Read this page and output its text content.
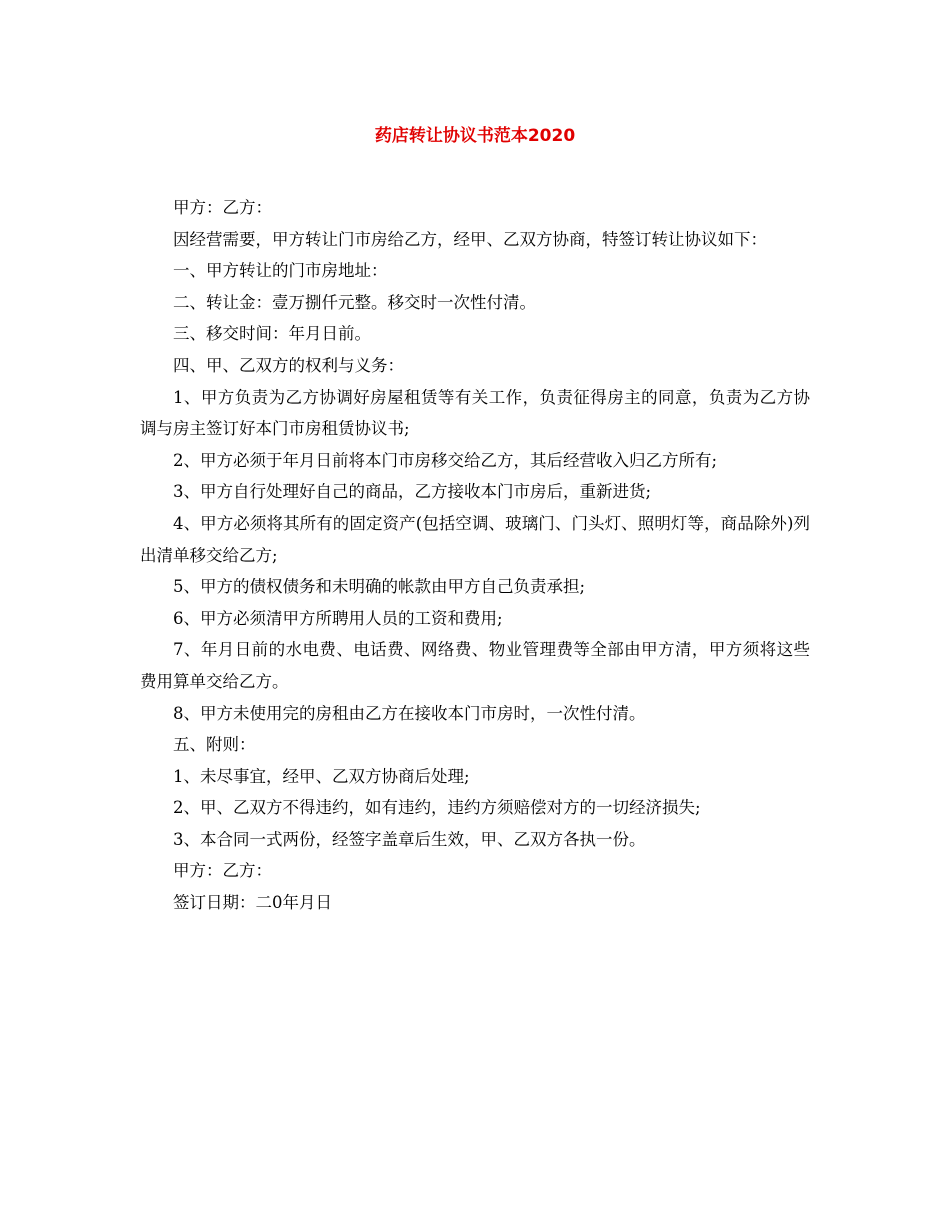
药店转让协议书范本2020

甲方：乙方：

因经营需要，甲方转让门市房给乙方，经甲、乙双方协商，特签订转让协议如下：

一、甲方转让的门市房地址：

二、转让金：壹万捌仟元整。移交时一次性付清。

三、移交时间：年月日前。

四、甲、乙双方的权利与义务：

1、甲方负责为乙方协调好房屋租赁等有关工作，负责征得房主的同意，负责为乙方协调与房主签订好本门市房租赁协议书;

2、甲方必须于年月日前将本门市房移交给乙方，其后经营收入归乙方所有;

3、甲方自行处理好自己的商品，乙方接收本门市房后，重新进货;

4、甲方必须将其所有的固定资产(包括空调、玻璃门、门头灯、照明灯等，商品除外)列出清单移交给乙方;

5、甲方的债权债务和未明确的帐款由甲方自己负责承担;

6、甲方必须清甲方所聘用人员的工资和费用;

7、年月日前的水电费、电话费、网络费、物业管理费等全部由甲方清，甲方须将这些费用算单交给乙方。

8、甲方未使用完的房租由乙方在接收本门市房时，一次性付清。

五、附则：

1、未尽事宜，经甲、乙双方协商后处理;

2、甲、乙双方不得违约，如有违约，违约方须赔偿对方的一切经济损失;

3、本合同一式两份，经签字盖章后生效，甲、乙双方各执一份。

甲方：乙方：

签订日期：二0年月日
